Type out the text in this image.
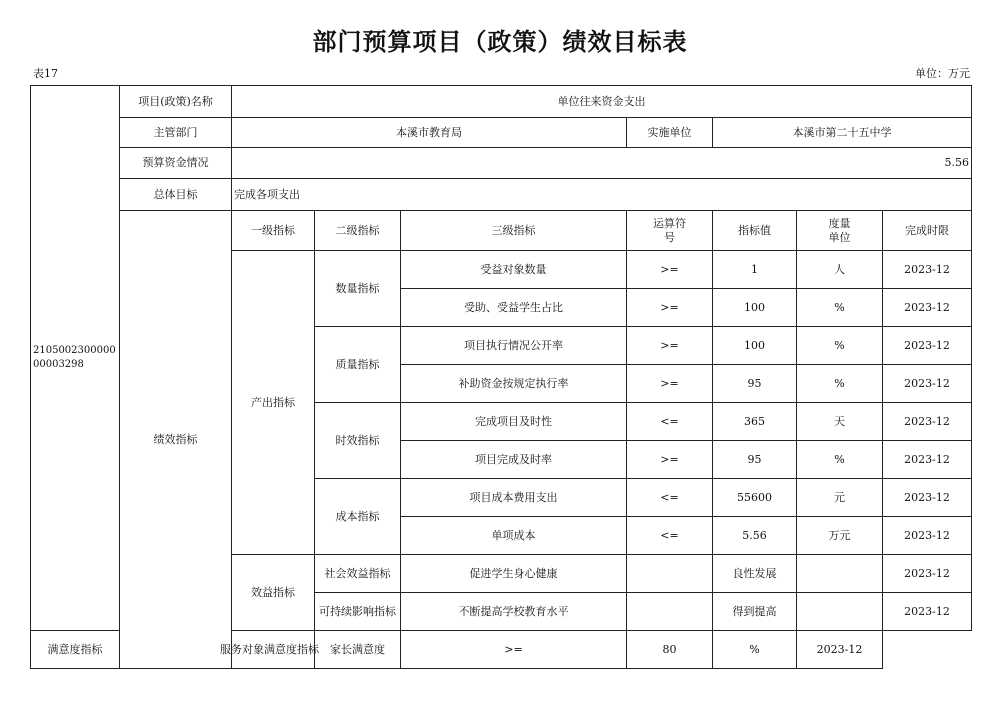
部门预算项目（政策）绩效目标表
表17	单位：万元
210500230000000003298	项目(政策)名称	单位往来资金支出						
	主管部门	本溪市教育局			实施单位	本溪市第二十五中学		
	预算资金情况	5.56						
	总体目标	完成各项支出						
	绩效指标	一级指标	二级指标	三级指标	运算符号	指标值	度量单位	完成时限
		产出指标	数量指标	受益对象数量	>=	1	人	2023-12
				受助、受益学生占比	>=	100	%	2023-12
			质量指标	项目执行情况公开率	>=	100	%	2023-12
				补助资金按规定执行率	>=	95	%	2023-12
			时效指标	完成项目及时性	<=	365	天	2023-12
				项目完成及时率	>=	95	%	2023-12
			成本指标	项目成本费用支出	<=	55600	元	2023-12
				单项成本	<=	5.56	万元	2023-12
		效益指标	社会效益指标	促进学生身心健康		良性发展		2023-12
			可持续影响指标	不断提高学校教育水平		得到提高		2023-12
满意度指标		服务对象满意度指标	家长满意度	>=	80	%	2023-12	
